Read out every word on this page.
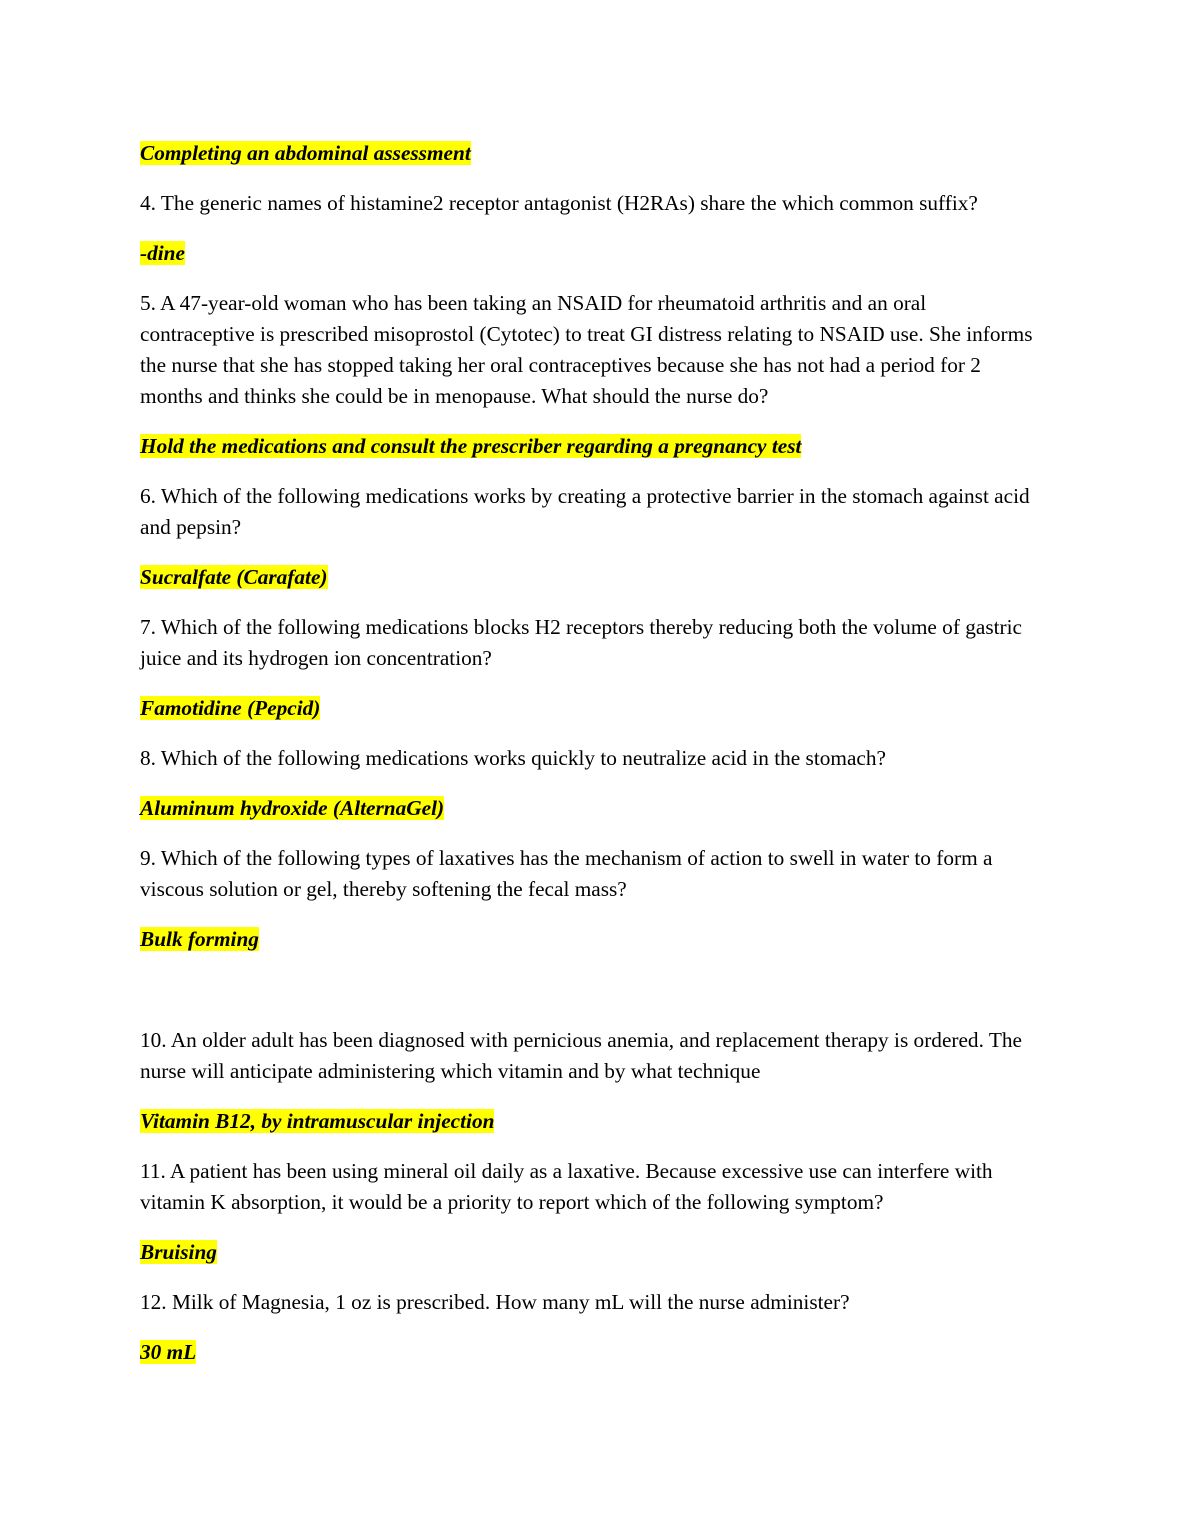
Completing an abdominal assessment

4. The generic names of histamine2 receptor antagonist (H2RAs) share the which common suffix?

-dine

5. A 47-year-old woman who has been taking an NSAID for rheumatoid arthritis and an oral contraceptive is prescribed misoprostol (Cytotec) to treat GI distress relating to NSAID use. She informs the nurse that she has stopped taking her oral contraceptives because she has not had a period for 2 months and thinks she could be in menopause. What should the nurse do?

Hold the medications and consult the prescriber regarding a pregnancy test

6. Which of the following medications works by creating a protective barrier in the stomach against acid and pepsin?

Sucralfate (Carafate)

7. Which of the following medications blocks H2 receptors thereby reducing both the volume of gastric juice and its hydrogen ion concentration?

Famotidine (Pepcid)

8. Which of the following medications works quickly to neutralize acid in the stomach?

Aluminum hydroxide (AlternaGel)

9. Which of the following types of laxatives has the mechanism of action to swell in water to form a viscous solution or gel, thereby softening the fecal mass?

Bulk forming

10. An older adult has been diagnosed with pernicious anemia, and replacement therapy is ordered. The nurse will anticipate administering which vitamin and by what technique

Vitamin B12, by intramuscular injection

11. A patient has been using mineral oil daily as a laxative. Because excessive use can interfere with vitamin K absorption, it would be a priority to report which of the following symptom?

Bruising

12. Milk of Magnesia, 1 oz is prescribed. How many mL will the nurse administer?

30 mL
